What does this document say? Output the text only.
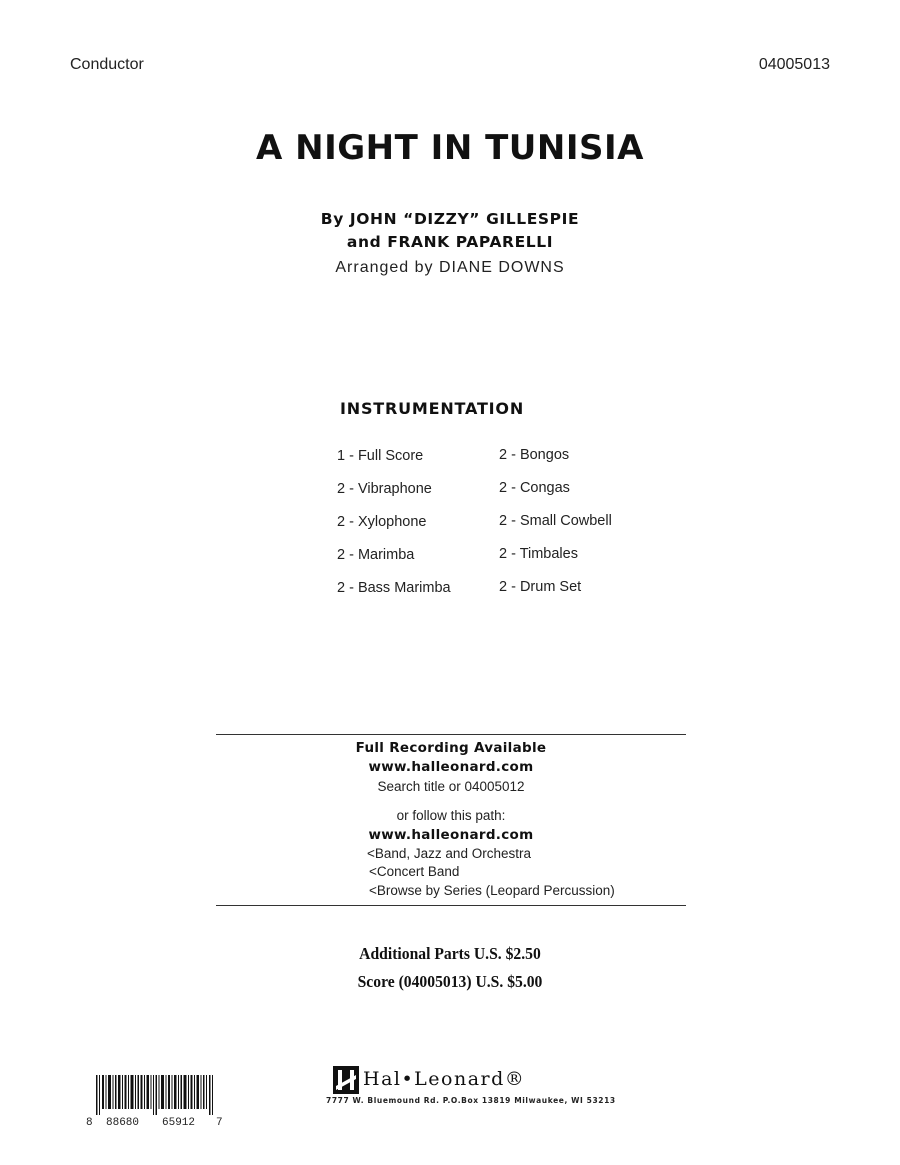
Conductor	04005013
A NIGHT IN TUNISIA
By JOHN “DIZZY” GILLESPIE
and FRANK PAPARELLI
Arranged by DIANE DOWNS
INSTRUMENTATION
1 - Full Score
2 - Vibraphone
2 - Xylophone
2 - Marimba
2 - Bass Marimba
2 - Bongos
2 - Congas
2 - Small Cowbell
2 - Timbales
2 - Drum Set
Full Recording Available
www.halleonard.com
Search title or 04005012
or follow this path:
www.halleonard.com
<Band, Jazz and Orchestra
<Concert Band
<Browse by Series (Leopard Percussion)
Additional Parts U.S. $2.50
Score (04005013) U.S. $5.00
8 88680 65912 7
Hal•Leonard®
7777 W. Bluemound Rd. P.O.Box 13819 Milwaukee, WI 53213
